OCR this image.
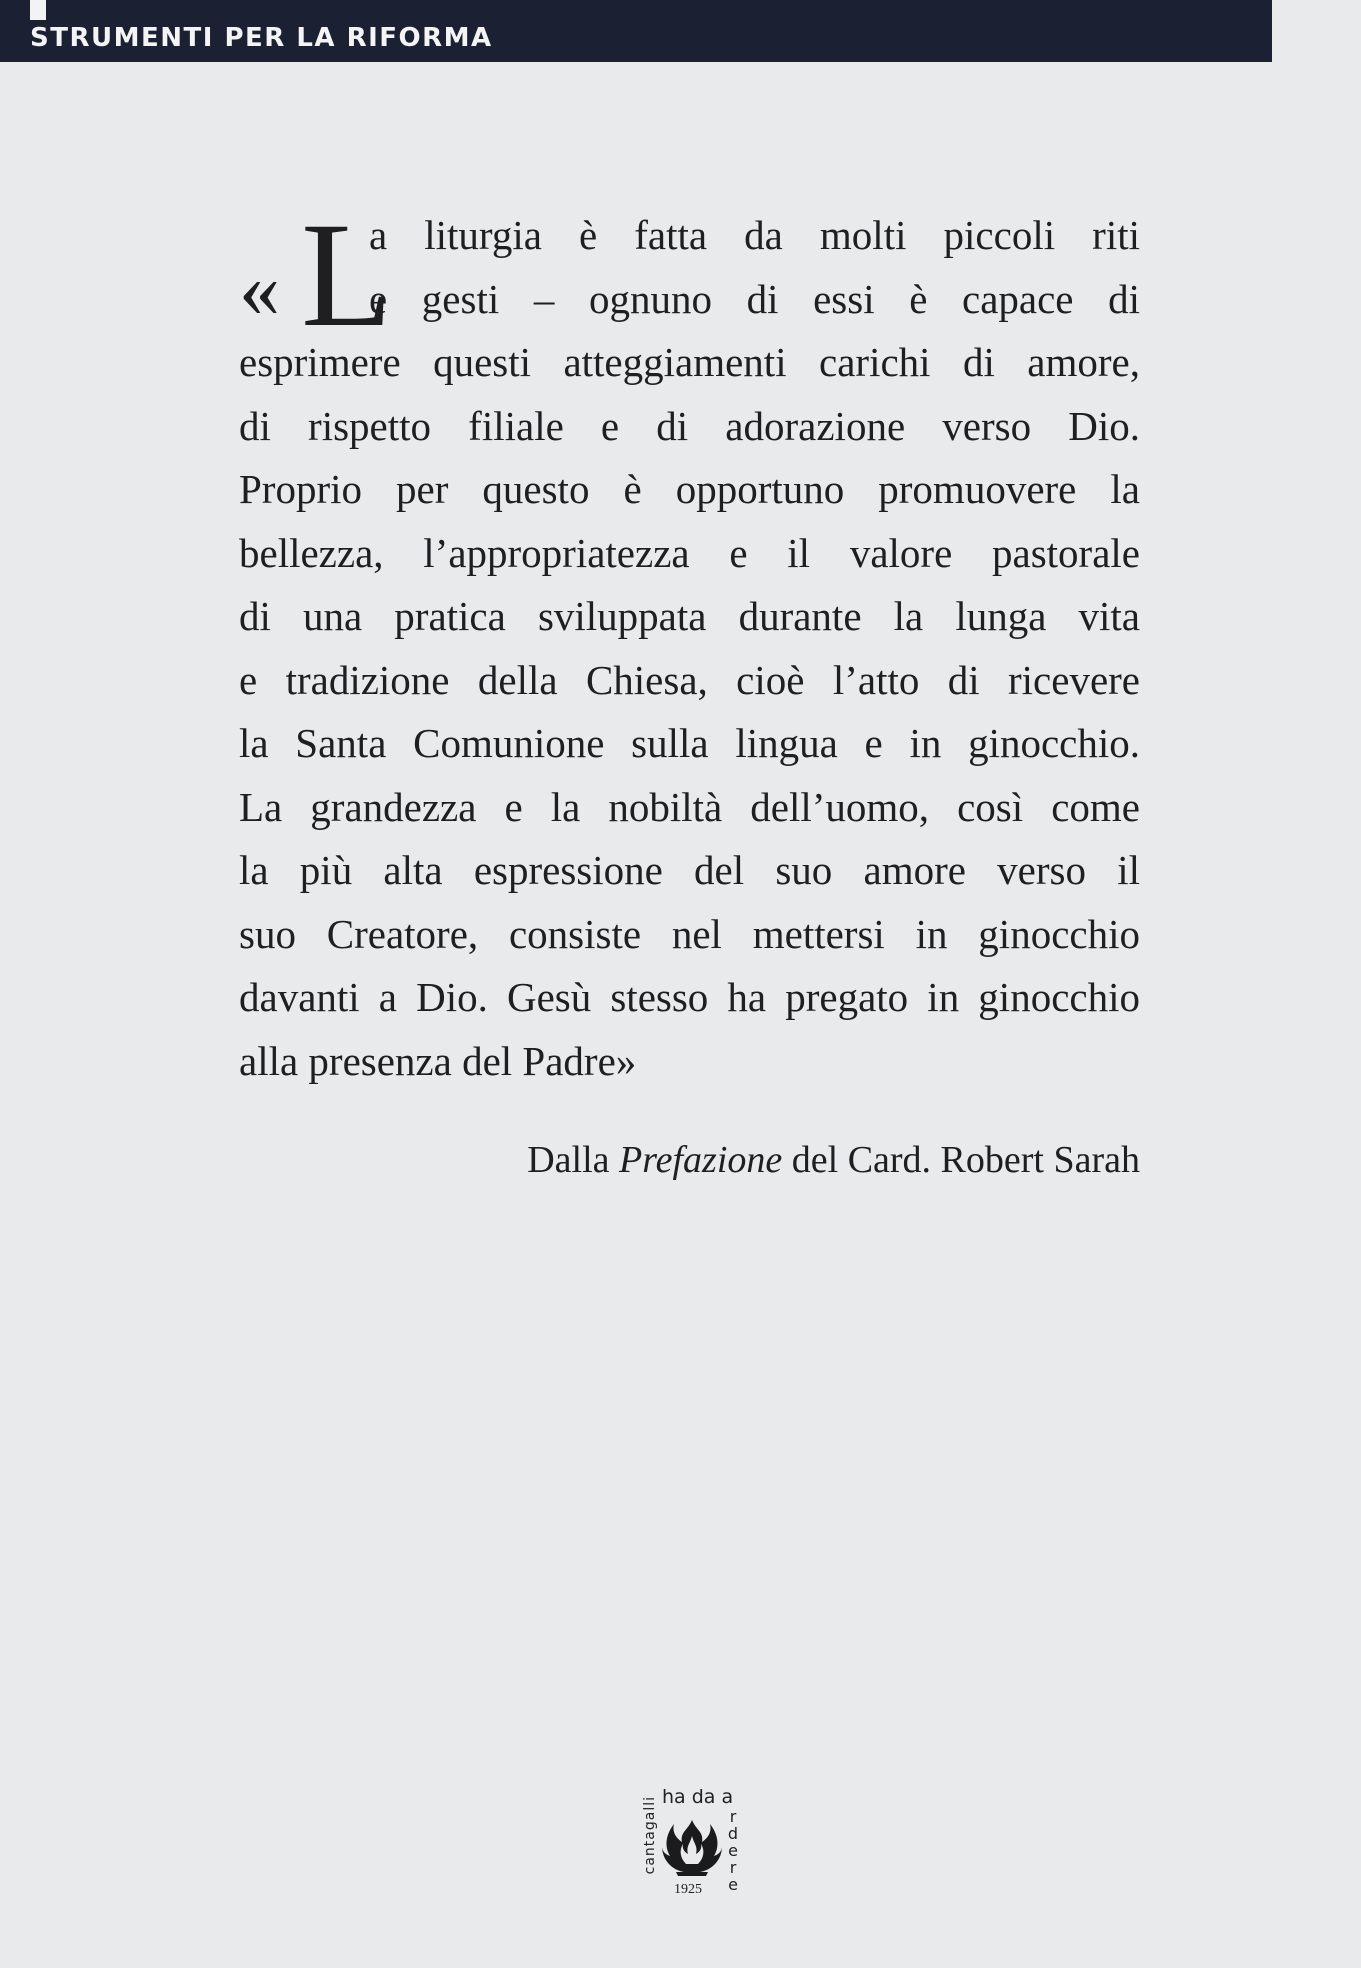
STRUMENTI PER LA RIFORMA
« L
a liturgia è fatta da molti piccoli riti
e gesti – ognuno di essi è capace di
esprimere questi atteggiamenti carichi di amore,
di rispetto filiale e di adorazione verso Dio.
Proprio per questo è opportuno promuovere la
bellezza, l’appropriatezza e il valore pastorale
di una pratica sviluppata durante la lunga vita
e tradizione della Chiesa, cioè l’atto di ricevere
la Santa Comunione sulla lingua e in ginocchio.
La grandezza e la nobiltà dell’uomo, così come
la più alta espressione del suo amore verso il
suo Creatore, consiste nel mettersi in ginocchio
davanti a Dio. Gesù stesso ha pregato in ginocchio
alla presenza del Padre»
Dalla Prefazione del Card. Robert Sarah
cantagalli ha da a
rdere
1925
